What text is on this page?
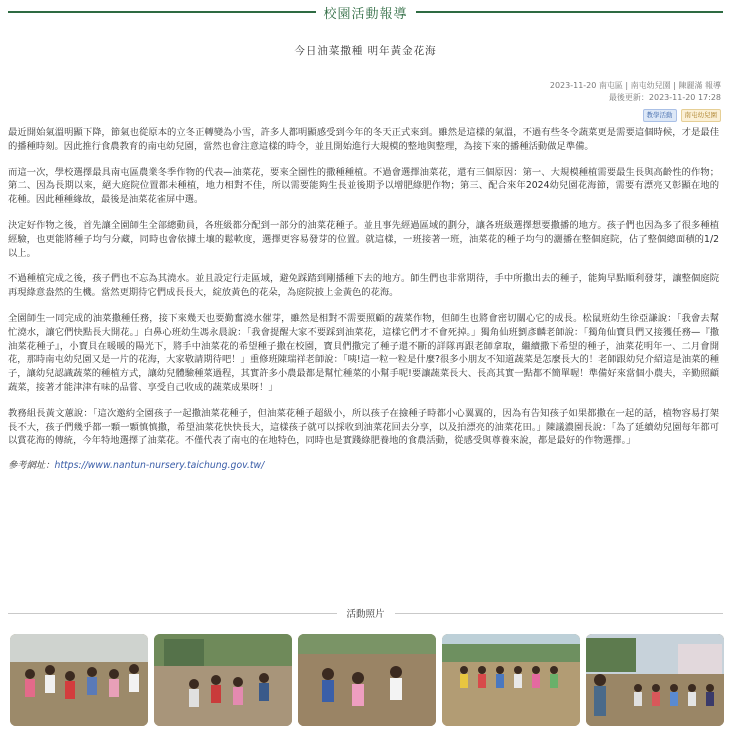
校園活動報導
今日油菜撒種 明年黃金花海
2023-11-20 南屯區 | 南屯幼兒園 | 陳麗滿 報導
最後更新：2023-11-20 17:28
教學活動	南屯幼兒園

最近開始氣溫明顯下降，節氣也從原本的立冬正轉變為小雪，許多人都明顯感受到今年的冬天正式來到。雖然是這樣的氣溫，不過有些冬令蔬菜更是需要這個時候，才是最佳的播種時刻。因此推行食農教育的南屯幼兒園，當然也會注意這樣的時令，並且開始進行大規模的整地與整理，為接下來的播種活動做足準備。

而這一次，學校選擇最具南屯區農業冬季作物的代表—油菜花，要來全園性的撒種種植。不過會選擇油菜花，還有三個原因：第一、大規模種植需要最生長與高齡性的作物；第二、因為長期以來，絕大庭院位置都未種植，地力相對不佳，所以需要能夠生長並後期予以增肥綠肥作物；第三、配合來年2024幼兒園花海節，需要有漂亮又彰顯在地的花種。因此種種緣故，最後是油菜花雀屏中選。

決定好作物之後，首先讓全園師生全部總動員，各班級都分配到一部分的油菜花種子。並且事先經過區域的劃分，讓各班級選擇想要撒播的地方。孩子們也因為多了很多種植經驗，也更能將種子均勻分藏，同時也會依據土壤的鬆軟度，選擇更容易發芽的位置。就這樣，一班接著一班，油菜花的種子均勻的灑播在整個庭院，佔了整個總面積的1/2以上。

不過種植完成之後，孩子們也不忘為其澆水。並且設定行走區域，避免踩踏到剛播種下去的地方。師生們也非常期待，手中所撒出去的種子，能夠早點順利發芽，讓整個庭院再現綠意盎然的生機。當然更期待它們成長長大，綻放黃色的花朵，為庭院披上金黃色的花海。

全園師生一同完成的油菜撒種任務，接下來幾天也要勤奮澆水催芽，雖然是相對不需要照顧的蔬菜作物，但師生也將會密切關心它的成長。松鼠班幼生徐亞謙說：「我會去幫忙澆水，讓它們快點長大開花。」白鼻心班幼生馮永晨說：「我會提醒大家不要踩到油菜花，這樣它們才不會死掉。」獨角仙班劉彥麟老師說：「獨角仙寶貝們又接獲任務—『撒油菜花種子』，小寶貝在暖暖的陽光下，將手中油菜花的希望種子撒在校園，寶貝們撒完了種子還不斷的詳隊再跟老師拿取，繼續撒下希望的種子，油菜花明年一、二月會開花，那時南屯幼兒園又是一片的花海，大家敬請期待吧！」重修班陳瑞祥老師說：「咦!這一粒一粒是什麼?很多小朋友不知道蔬菜是怎麼長大的！老師跟幼兒介紹這是油菜的種子，讓幼兒認識蔬菜的種植方式，讓幼兒體驗種菜過程，其實許多小農最都是幫忙種菜的小幫手呢!要讓蔬菜長大、長高其實一點都不簡單喔！準備好來當個小農夫，辛勤照顧蔬菜，接著才能津津有味的品嘗、享受自己收成的蔬菜成果呀！」

教務組長黃文蕙說：「這次邀約全園孩子一起撒油菜花種子，但油菜花種子超級小，所以孩子在撿種子時都小心翼翼的，因為有告知孩子如果都撒在一起的話，植物容易打架長不大，孩子們幾乎都一顆一顆慎慎撒，希望油菜花快快長大，這樣孩子就可以採收到油菜花回去分享，以及拍漂亮的油菜花田。」陳議濃園長說：「為了延續幼兒園每年都可以賞花海的傳統，今年特地選擇了油菜花。不僅代表了南屯的在地特色，同時也是實踐綠肥養地的食農活動，從感受與尊養來說，都是最好的作物選擇。」

參考網址：https://www.nantun-nursery.taichung.gov.tw/
活動照片
